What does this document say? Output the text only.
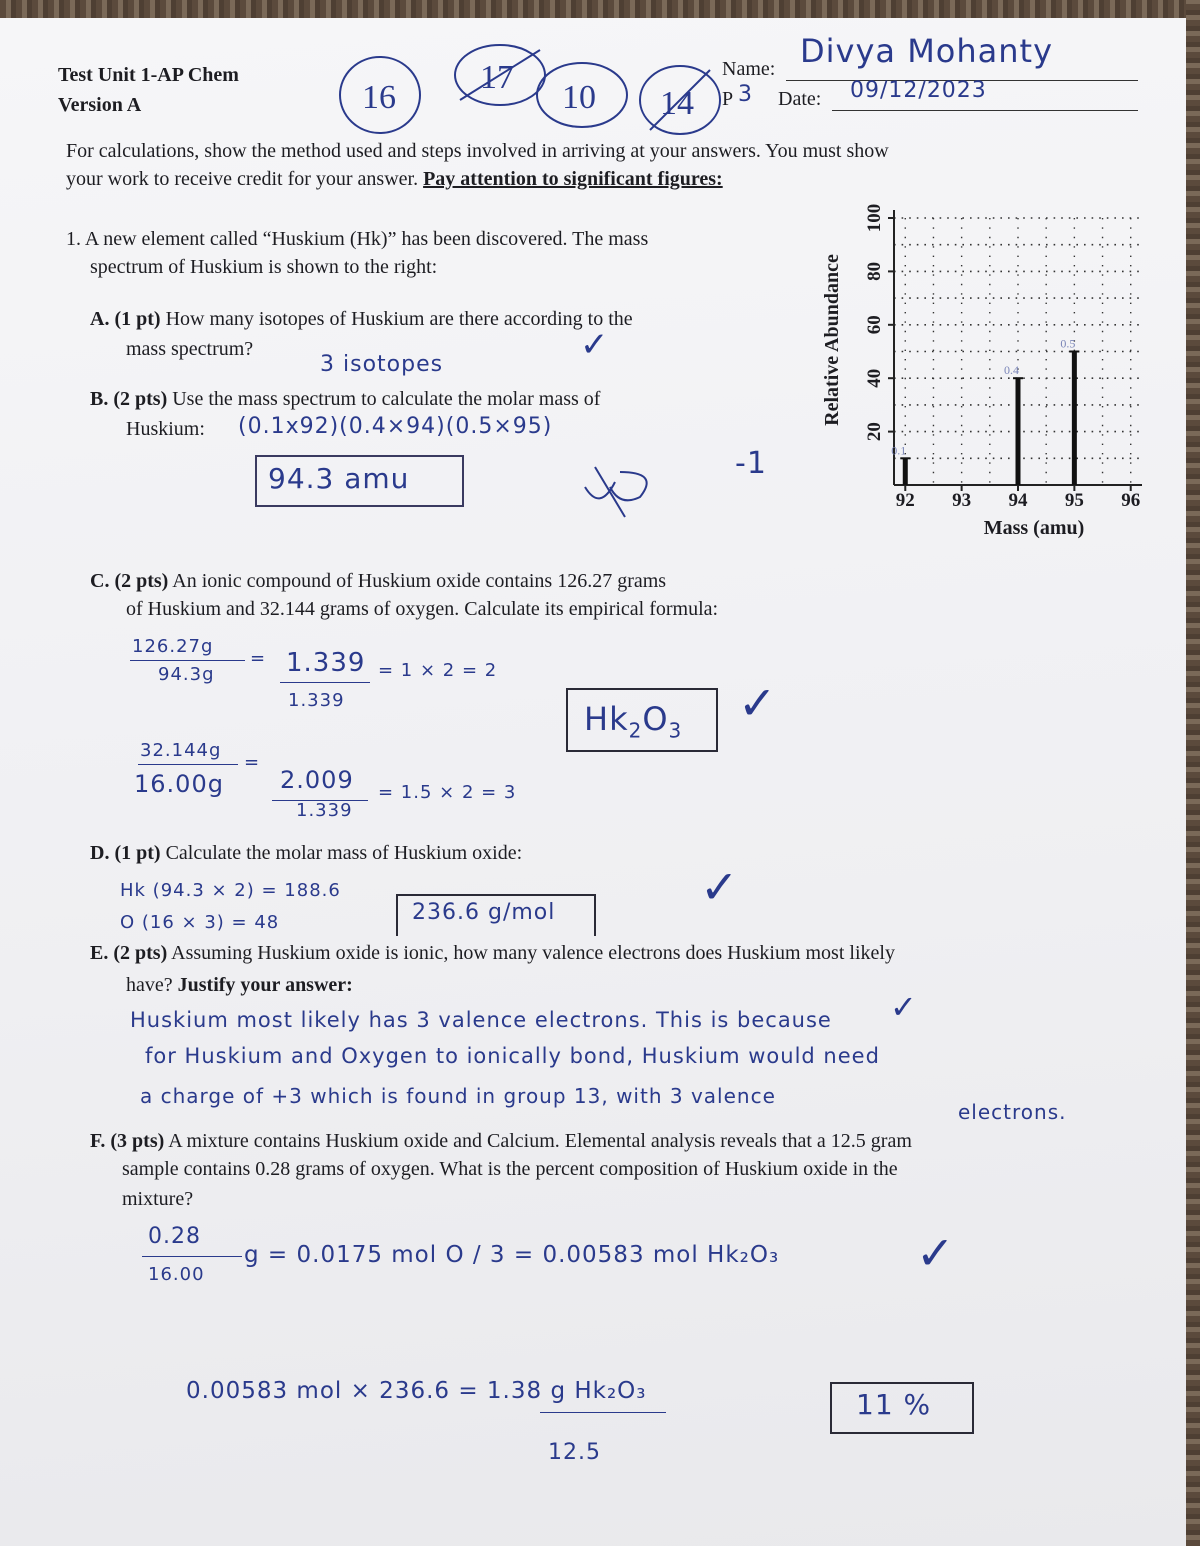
Test Unit 1-AP Chem
Version A	16
17
10 14
Name: Divya Mohanty
P 3 Date: 09/12/2023
For calculations, show the method used and steps involved in arriving at your answers. You must show
your work to receive credit for your answer. Pay attention to significant figures:
1. A new element called “Huskium (Hk)” has been discovered. The mass
spectrum of Huskium is shown to the right:
20
40
60
80
100
92 93 94 95 96
0.1
0.4
0.5
Relative Abundance
Mass (amu)
A. (1 pt) How many isotopes of Huskium are there according to the
mass spectrum?
3 isotopes	✓
B. (2 pts) Use the mass spectrum to calculate the molar mass of
Huskium: (0.1x92)(0.4×94)(0.5×95)
94.3 amu	-1
C. (2 pts) An ionic compound of Huskium oxide contains 126.27 grams
of Huskium and 32.144 grams of oxygen. Calculate its empirical formula:
126.27g
94.3g
= 1.339
1.339
= 1 × 2 = 2
32.144g
=
16.00g 2.009
1.339
= 1.5 × 2 = 3
$Hk_2O_3$
✓
D. (1 pt) Calculate the molar mass of Huskium oxide:
Hk (94.3 × 2) = 188.6
O (16 × 3) = 48	236.6 g/mol	✓
E. (2 pts) Assuming Huskium oxide is ionic, how many valence electrons does Huskium most likely
have? Justify your answer:
Huskium most likely has 3 valence electrons. This is because ✓
for Huskium and Oxygen to ionically bond, Huskium would need
a charge of +3 which is found in group 13, with 3 valence
electrons.
F. (3 pts) A mixture contains Huskium oxide and Calcium. Elemental analysis reveals that a 12.5 gram
sample contains 0.28 grams of oxygen. What is the percent composition of Huskium oxide in the
mixture?
0.28
16.00
g = 0.0175 mol O / 3 = 0.00583 mol Hk₂O₃	✓
0.00583 mol × 236.6 = 1.38 g Hk₂O₃
12.5
11 %
